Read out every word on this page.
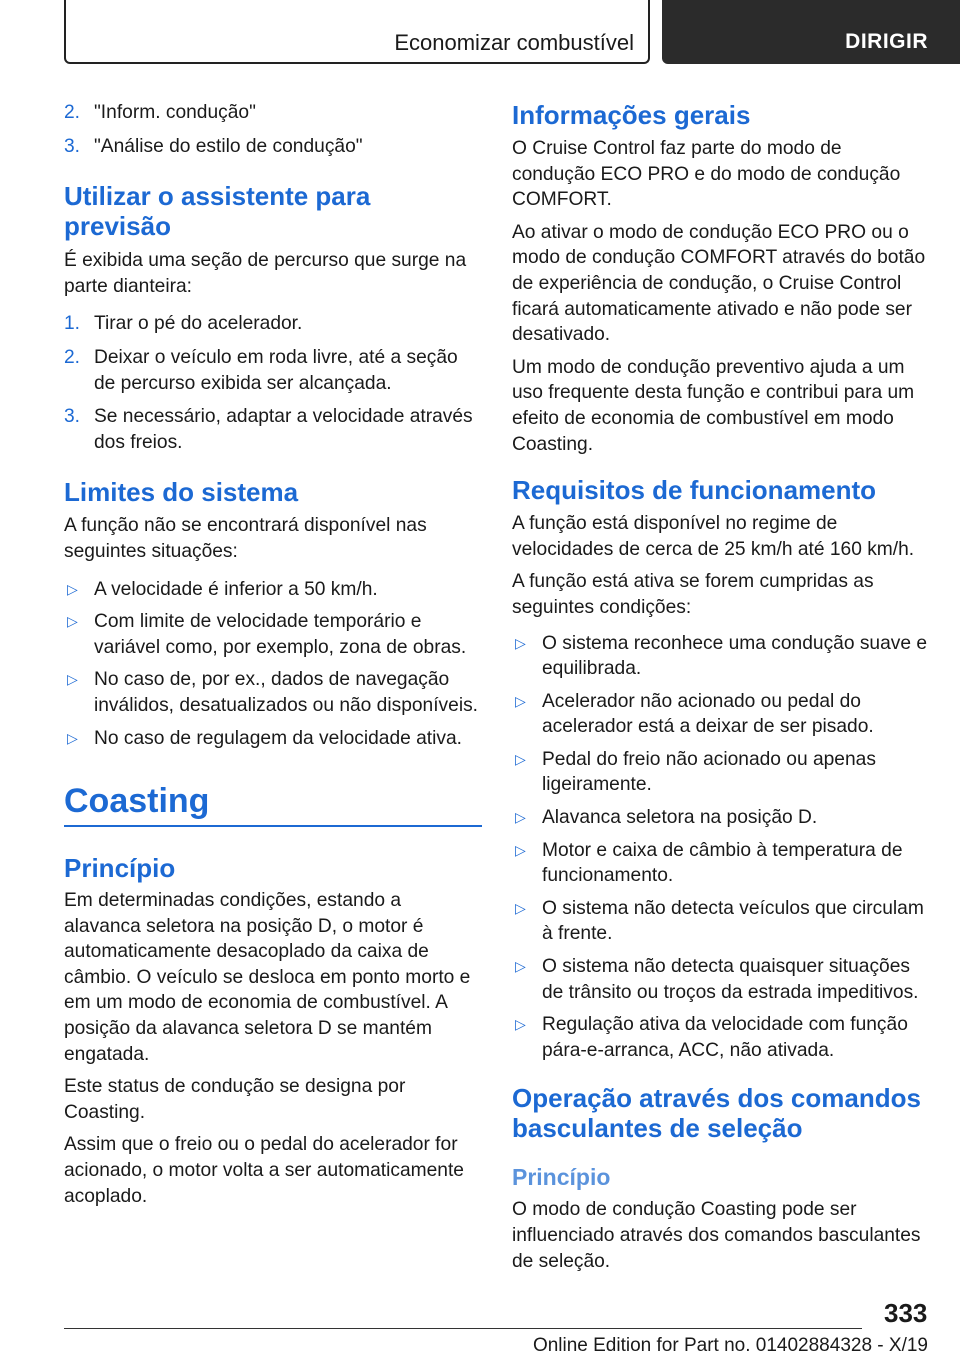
Economizar combustível	DIRIGIR
2. "Inform. condução"
3. "Análise do estilo de condução"
Utilizar o assistente para previsão
É exibida uma seção de percurso que surge na parte dianteira:
1. Tirar o pé do acelerador.
2. Deixar o veículo em roda livre, até a seção de percurso exibida ser alcançada.
3. Se necessário, adaptar a velocidade através dos freios.
Limites do sistema
A função não se encontrará disponível nas seguintes situações:
▷ A velocidade é inferior a 50 km/h.
▷ Com limite de velocidade temporário e variável como, por exemplo, zona de obras.
▷ No caso de, por ex., dados de navegação inválidos, desatualizados ou não disponíveis.
▷ No caso de regulagem da velocidade ativa.
Coasting
Princípio
Em determinadas condições, estando a alavanca seletora na posição D, o motor é automaticamente desacoplado da caixa de câmbio. O veículo se desloca em ponto morto e em um modo de economia de combustível. A posição da alavanca seletora D se mantém engatada.
Este status de condução se designa por Coasting.
Assim que o freio ou o pedal do acelerador for acionado, o motor volta a ser automaticamente acoplado.
Informações gerais
O Cruise Control faz parte do modo de condução ECO PRO e do modo de condução COMFORT.
Ao ativar o modo de condução ECO PRO ou o modo de condução COMFORT através do botão de experiência de condução, o Cruise Control ficará automaticamente ativado e não pode ser desativado.
Um modo de condução preventivo ajuda a um uso frequente desta função e contribui para um efeito de economia de combustível em modo Coasting.
Requisitos de funcionamento
A função está disponível no regime de velocidades de cerca de 25 km/h até 160 km/h.
A função está ativa se forem cumpridas as seguintes condições:
▷ O sistema reconhece uma condução suave e equilibrada.
▷ Acelerador não acionado ou pedal do acelerador está a deixar de ser pisado.
▷ Pedal do freio não acionado ou apenas ligeiramente.
▷ Alavanca seletora na posição D.
▷ Motor e caixa de câmbio à temperatura de funcionamento.
▷ O sistema não detecta veículos que circulam à frente.
▷ O sistema não detecta quaisquer situações de trânsito ou troços da estrada impeditivos.
▷ Regulação ativa da velocidade com função pára-e-arranca, ACC, não ativada.
Operação através dos comandos basculantes de seleção
Princípio
O modo de condução Coasting pode ser influenciado através dos comandos basculantes de seleção.
333
Online Edition for Part no. 01402884328 - X/19
